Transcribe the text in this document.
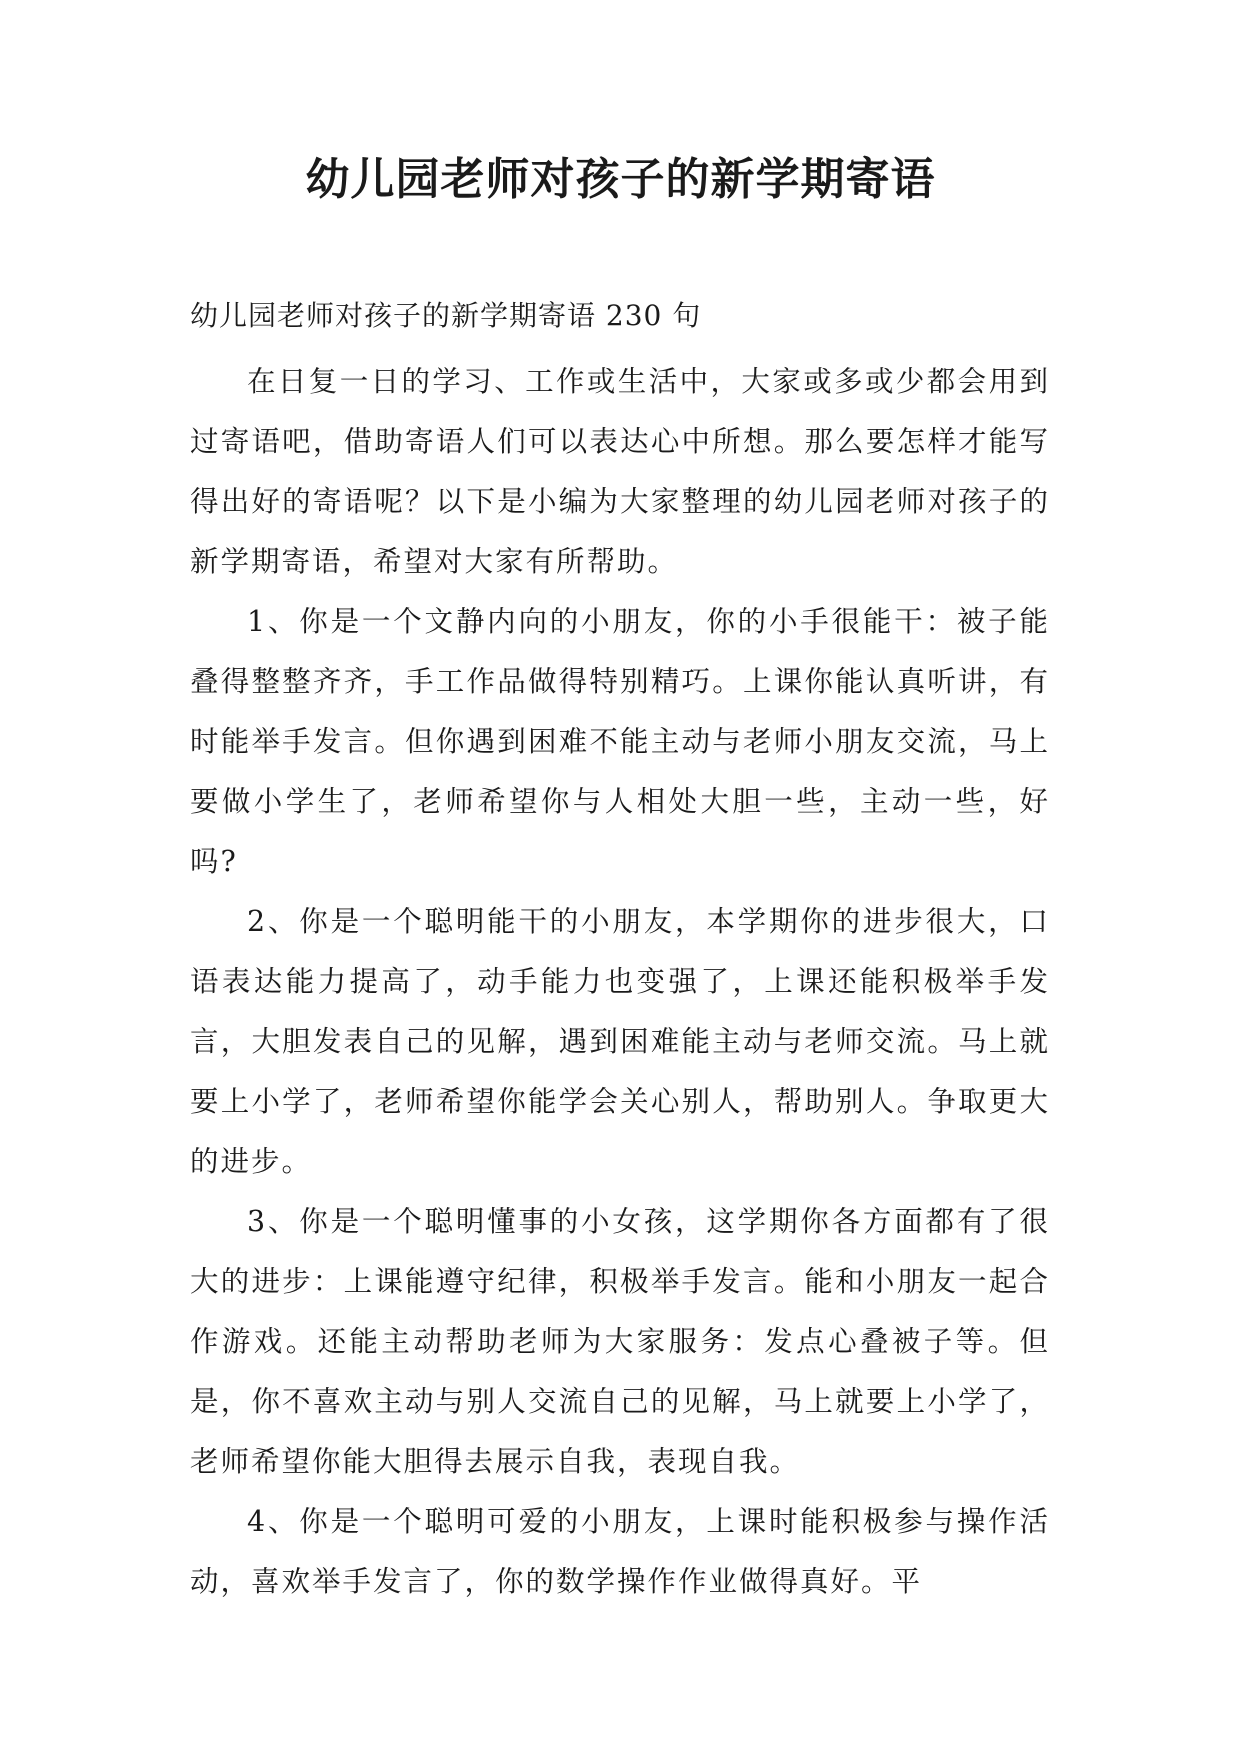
幼儿园老师对孩子的新学期寄语
幼儿园老师对孩子的新学期寄语 230 句

在日复一日的学习、工作或生活中，大家或多或少都会用到过寄语吧，借助寄语人们可以表达心中所想。那么要怎样才能写得出好的寄语呢？以下是小编为大家整理的幼儿园老师对孩子的新学期寄语，希望对大家有所帮助。

1、你是一个文静内向的小朋友，你的小手很能干：被子能叠得整整齐齐，手工作品做得特别精巧。上课你能认真听讲，有时能举手发言。但你遇到困难不能主动与老师小朋友交流，马上要做小学生了，老师希望你与人相处大胆一些，主动一些，好吗?

2、你是一个聪明能干的小朋友，本学期你的进步很大，口语表达能力提高了，动手能力也变强了，上课还能积极举手发言，大胆发表自己的见解，遇到困难能主动与老师交流。马上就要上小学了，老师希望你能学会关心别人，帮助别人。争取更大的进步。

3、你是一个聪明懂事的小女孩，这学期你各方面都有了很大的进步：上课能遵守纪律，积极举手发言。能和小朋友一起合作游戏。还能主动帮助老师为大家服务：发点心叠被子等。但是，你不喜欢主动与别人交流自己的见解，马上就要上小学了，老师希望你能大胆得去展示自我，表现自我。

4、你是一个聪明可爱的小朋友，上课时能积极参与操作活动，喜欢举手发言了，你的数学操作作业做得真好。平
